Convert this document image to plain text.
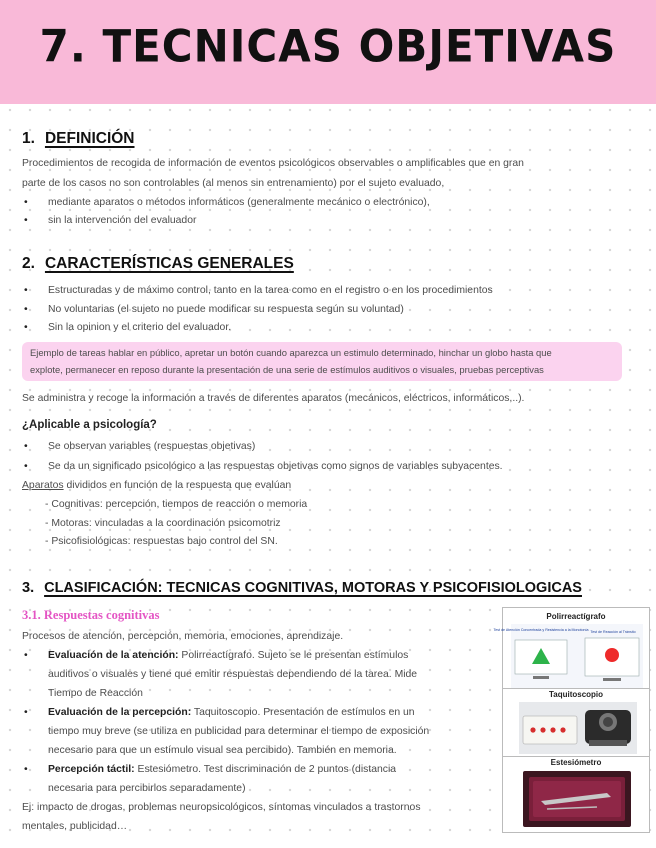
7. TECNICAS OBJETIVAS
1. DEFINICIÓN
Procedimientos de recogida de información de eventos psicológicos observables o amplificables que en gran
parte de los casos no son controlables (al menos sin entrenamiento) por el sujeto evaluado,
• mediante aparatos o métodos informáticos (generalmente mecánico o electrónico),
• sin la intervención del evaluador
2. CARACTERÍSTICAS GENERALES
• Estructuradas y de máximo control, tanto en la tarea como en el registro o en los procedimientos
• No voluntarias (el sujeto no puede modificar su respuesta según su voluntad)
• Sin la opinion y el criterio del evaluador.
Ejemplo de tareas hablar en público, apretar un botón cuando aparezca un estimulo determinado, hinchar un globo hasta que
explote, permanecer en reposo durante la presentación de una serie de estímulos auditivos o visuales, pruebas perceptivas
Se administra y recoge la información a través de diferentes aparatos (mecánicos, eléctricos, informáticos,..).
¿Aplicable a psicología?
• Se observan variables (respuestas objetivas)
• Se da un significado psicológico a las respuestas objetivas como signos de variables subyacentes.
Aparatos divididos en función de la respuesta que evalúan
- Cognitivas: percepción, tiempos de reacción o memoria
- Motoras: vinculadas a la coordinación psicomotriz
- Psicofisiológicas: respuestas bajo control del SN.
3. CLASIFICACIÓN: TECNICAS COGNITIVAS, MOTORAS Y PSICOFISIOLOGICAS
3.1. Respuestas cognitivas
Procesos de atención, percepción, memoria, emociones, aprendizaje.
• Evaluación de la atención: Polirreactígrafo. Sujeto se le presentan estímulos
auditivos o visuales y tiene que emitir respuestas dependiendo de la tarea. Mide
Tiempo de Reacción
• Evaluación de la percepción: Taquitoscopio. Presentación de estímulos en un
tiempo muy breve (se utiliza en publicidad para determinar el tiempo de exposición
necesario para que un estímulo visual sea percibido). También en memoria.
• Percepción táctil: Estesiómetro. Test discriminación de 2 puntos (distancia
necesaria para percibirlos separadamente)
Ej: impacto de drogas, problemas neuropsicológicos, síntomas vinculados a trastornos
mentales, publicidad…
Polirreactígrafo
Test de Atención Concentrada y Resistencia a la Monotonía Test de Reacción al Tránsito
Taquitoscopio
Estesiómetro
